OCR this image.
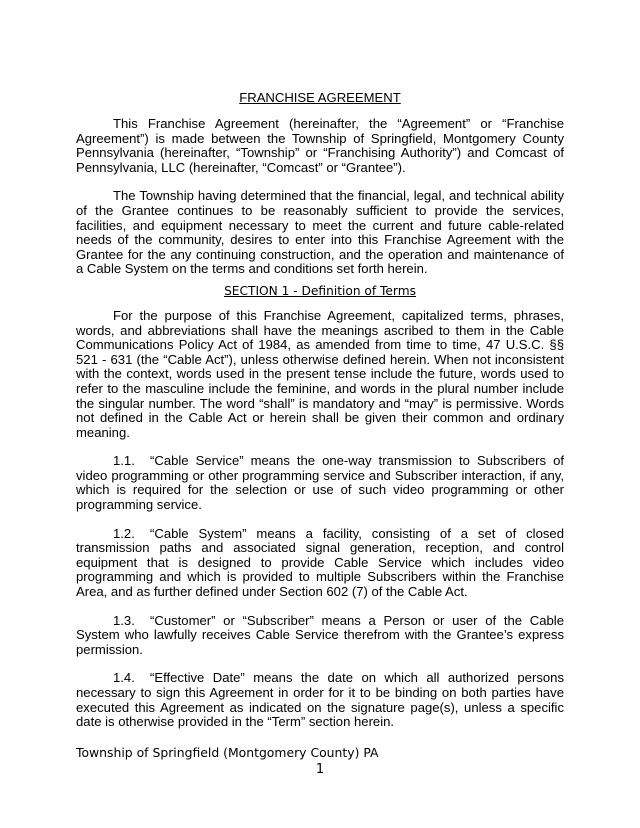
FRANCHISE AGREEMENT

This Franchise Agreement (hereinafter, the “Agreement” or “Franchise Agreement”) is made between the Township of Springfield, Montgomery County Pennsylvania (hereinafter, “Township” or “Franchising Authority”) and Comcast of Pennsylvania, LLC (hereinafter, “Comcast” or “Grantee”).

The Township having determined that the financial, legal, and technical ability of the Grantee continues to be reasonably sufficient to provide the services, facilities, and equipment necessary to meet the current and future cable-related needs of the community, desires to enter into this Franchise Agreement with the Grantee for the any continuing construction, and the operation and maintenance of a Cable System on the terms and conditions set forth herein.

SECTION 1 - Definition of Terms

For the purpose of this Franchise Agreement, capitalized terms, phrases, words, and abbreviations shall have the meanings ascribed to them in the Cable Communications Policy Act of 1984, as amended from time to time, 47 U.S.C. §§ 521 - 631 (the “Cable Act”), unless otherwise defined herein. When not inconsistent with the context, words used in the present tense include the future, words used to refer to the masculine include the feminine, and words in the plural number include the singular number. The word “shall” is mandatory and “may” is permissive. Words not defined in the Cable Act or herein shall be given their common and ordinary meaning.

1.1. “Cable Service” means the one-way transmission to Subscribers of video programming or other programming service and Subscriber interaction, if any, which is required for the selection or use of such video programming or other programming service.

1.2. “Cable System” means a facility, consisting of a set of closed transmission paths and associated signal generation, reception, and control equipment that is designed to provide Cable Service which includes video programming and which is provided to multiple Subscribers within the Franchise Area, and as further defined under Section 602 (7) of the Cable Act.

1.3. “Customer” or “Subscriber” means a Person or user of the Cable System who lawfully receives Cable Service therefrom with the Grantee’s express permission.

1.4. “Effective Date” means the date on which all authorized persons necessary to sign this Agreement in order for it to be binding on both parties have executed this Agreement as indicated on the signature page(s), unless a specific date is otherwise provided in the “Term” section herein.

Township of Springfield (Montgomery County) PA
1
